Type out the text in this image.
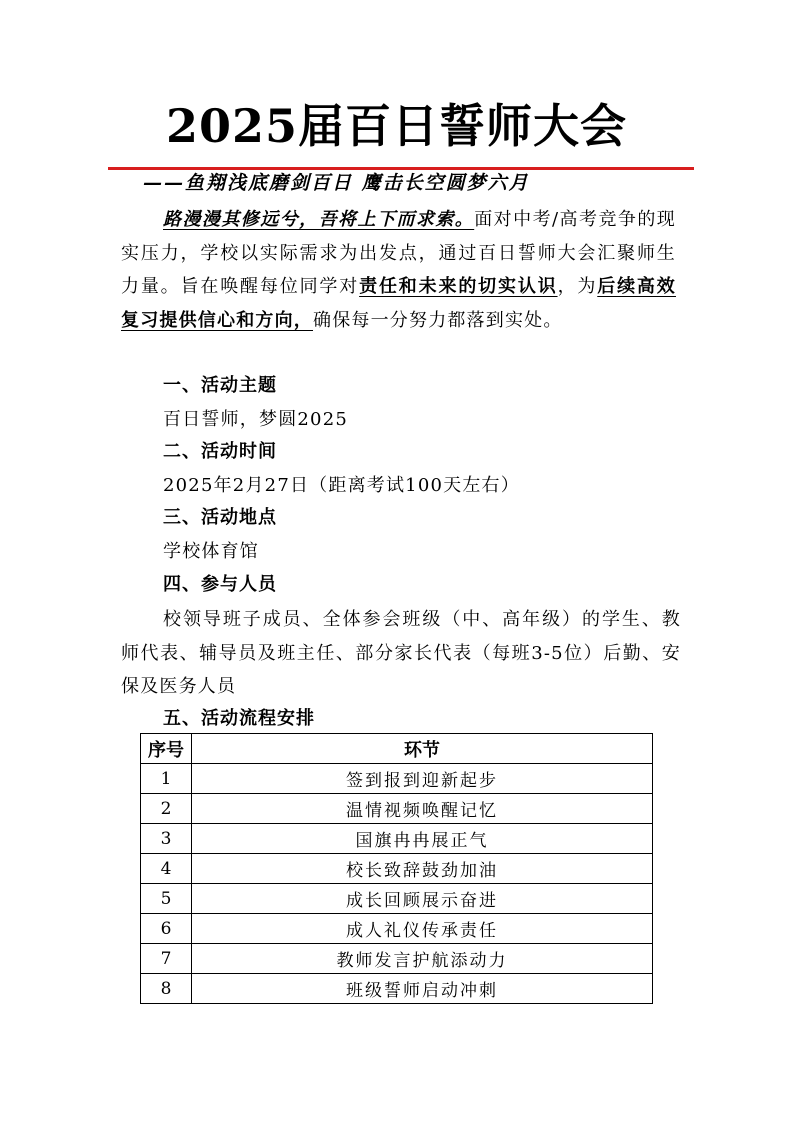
2025届百日誓师大会
——鱼翔浅底磨剑百日 鹰击长空圆梦六月
路漫漫其修远兮，吾将上下而求索。面对中考/高考竞争的现实压力，学校以实际需求为出发点，通过百日誓师大会汇聚师生力量。旨在唤醒每位同学对责任和未来的切实认识，为后续高效复习提供信心和方向，确保每一分努力都落到实处。
一、活动主题
百日誓师，梦圆2025
二、活动时间
2025年2月27日（距离考试100天左右）
三、活动地点
学校体育馆
四、参与人员
校领导班子成员、全体参会班级（中、高年级）的学生、教师代表、辅导员及班主任、部分家长代表（每班3-5位）后勤、安保及医务人员
五、活动流程安排
序号	环节
1	签到报到迎新起步
2	温情视频唤醒记忆
3	国旗冉冉展正气
4	校长致辞鼓劲加油
5	成长回顾展示奋进
6	成人礼仪传承责任
7	教师发言护航添动力
8	班级誓师启动冲刺
